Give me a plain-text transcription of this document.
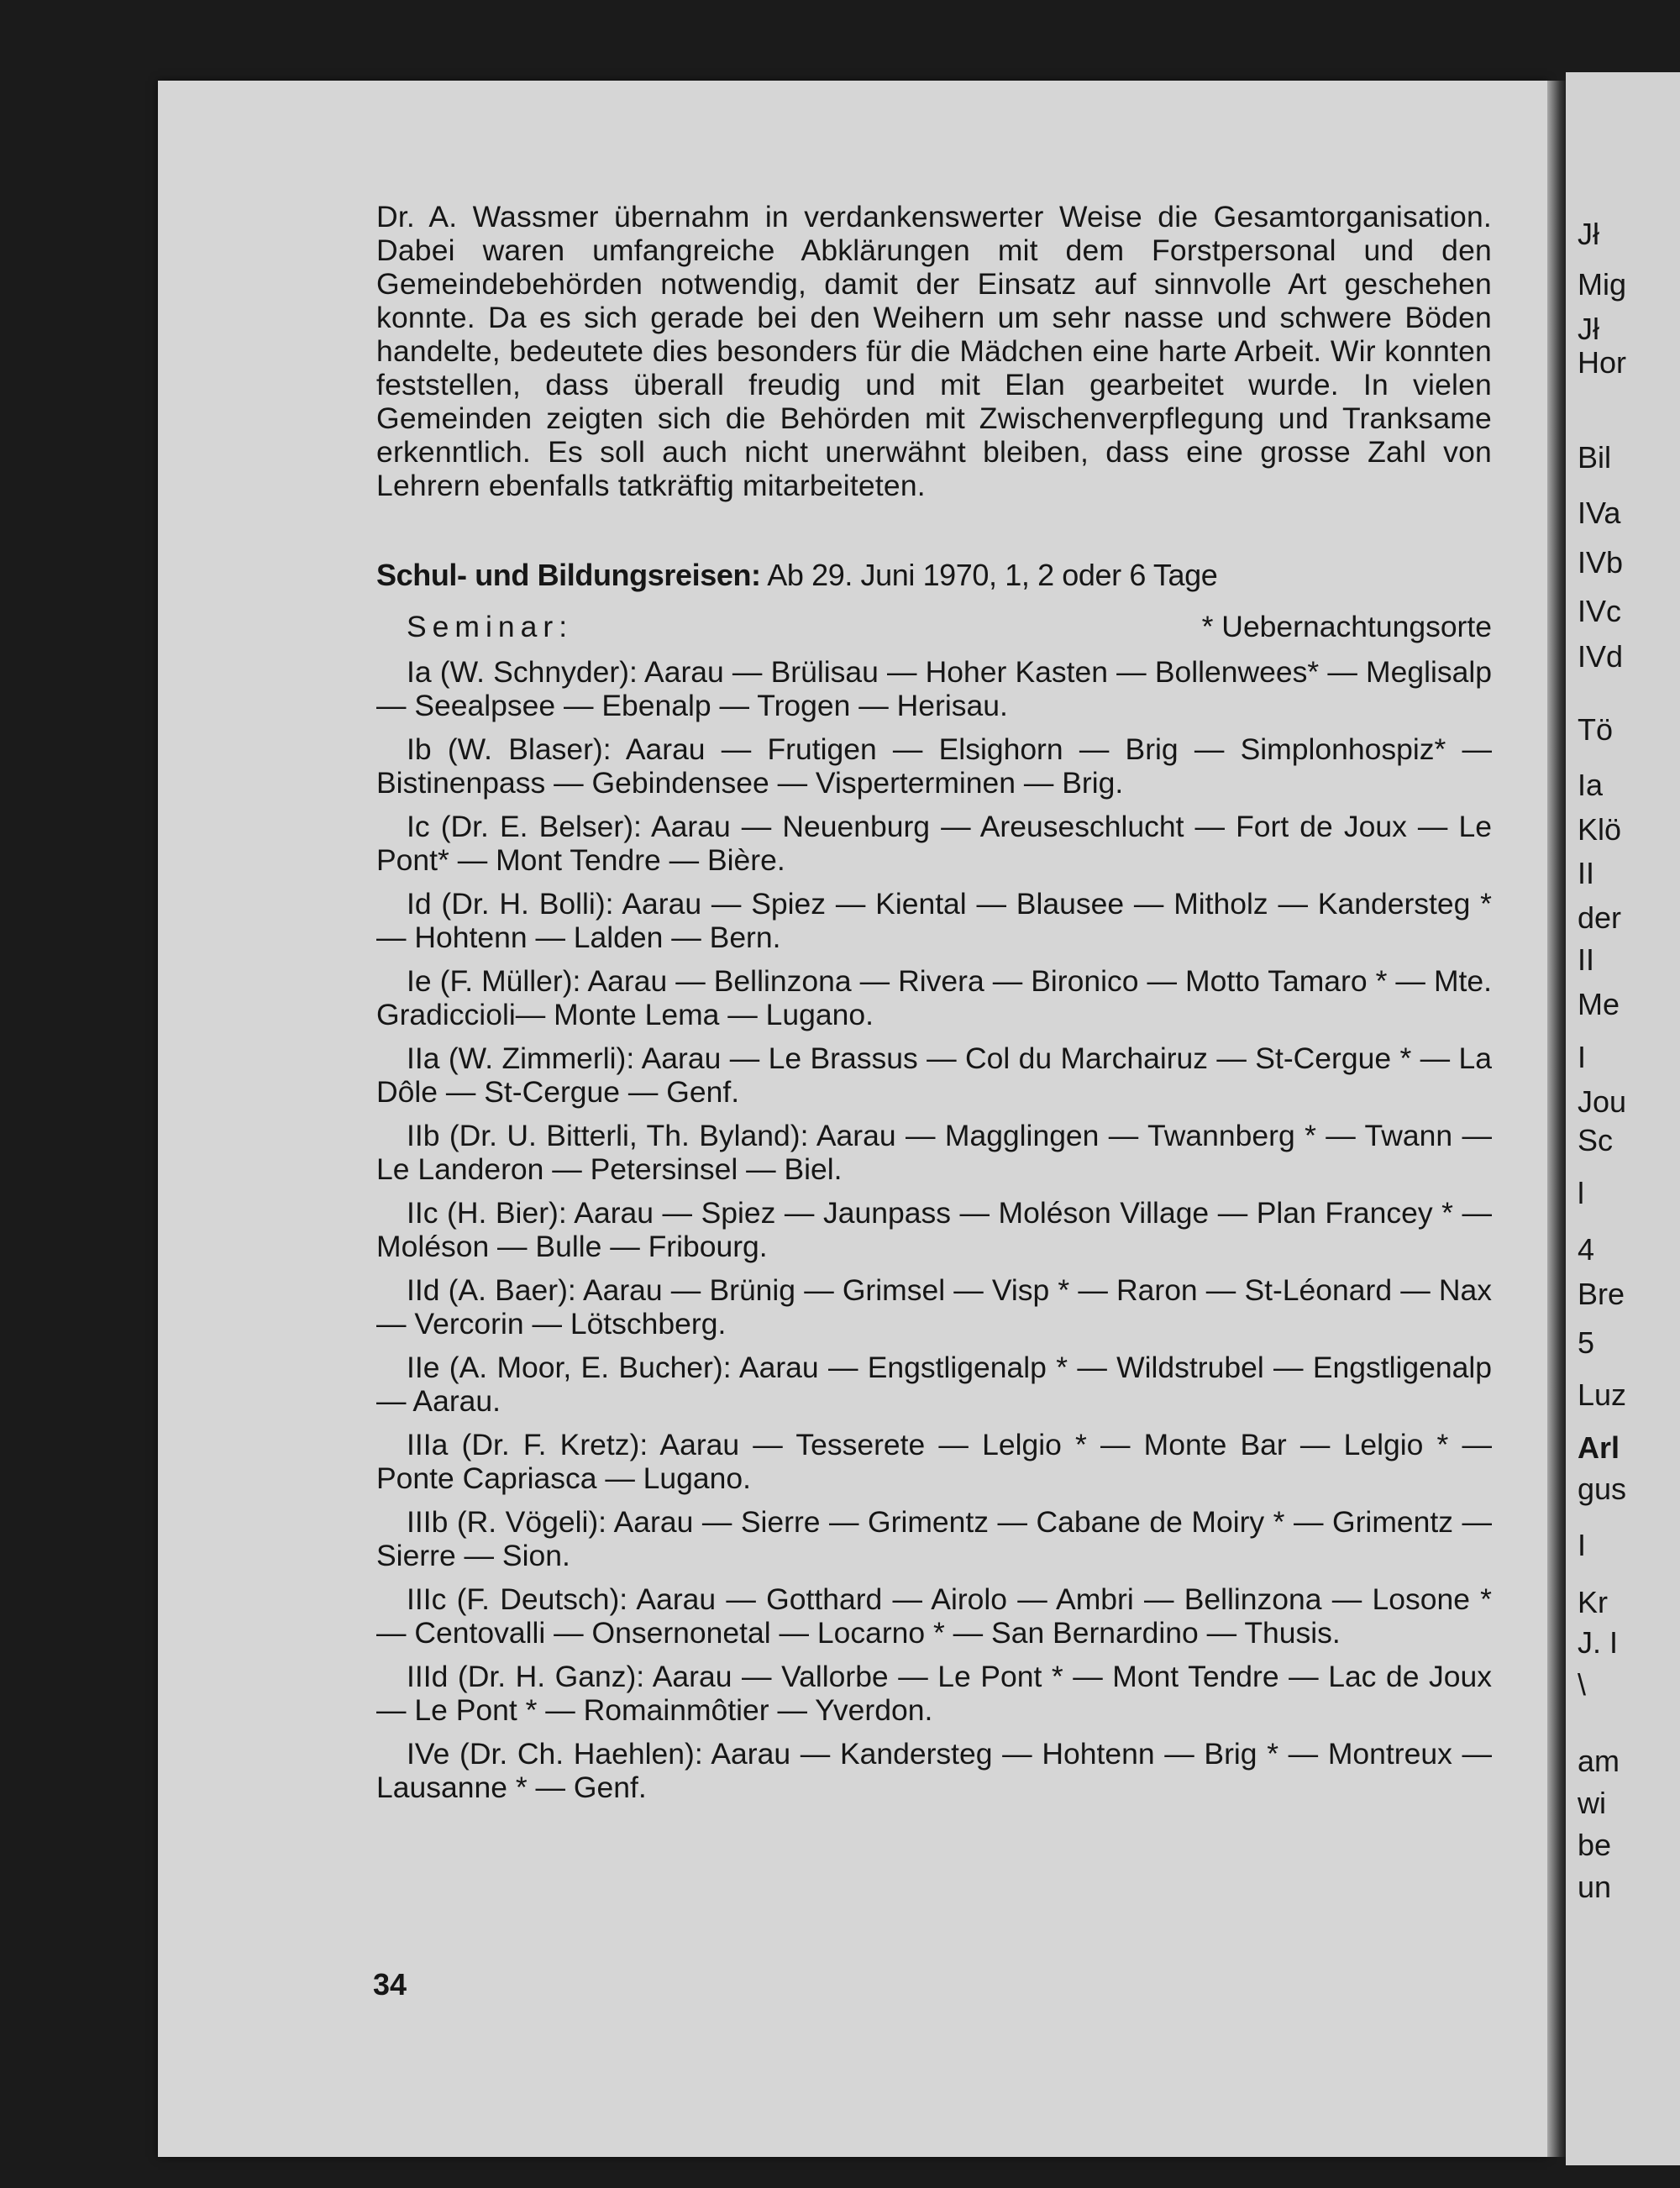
Jł
Mig
Jł
Hor
Bil
IVa
IVb
IVc
IVd
Tö
Ia
Klö
II
der
II
Me
I
Jou
Sc
l
4
Bre
5
Luz
Arl
gus
I
Kr
J. I
\
am
wi
be
un

Dr. A. Wassmer übernahm in verdankenswerter Weise die Gesamtorganisation. Dabei waren umfangreiche Abklärungen mit dem Forstpersonal und den Gemeindebehörden notwendig, damit der Einsatz auf sinnvolle Art geschehen konnte. Da es sich gerade bei den Weihern um sehr nasse und schwere Böden handelte, bedeutete dies besonders für die Mädchen eine harte Arbeit. Wir konnten feststellen, dass überall freudig und mit Elan gearbeitet wurde. In vielen Gemeinden zeigten sich die Behörden mit Zwischenverpflegung und Tranksame erkenntlich. Es soll auch nicht unerwähnt bleiben, dass eine grosse Zahl von Lehrern ebenfalls tatkräftig mitarbeiteten.

Schul- und Bildungsreisen: Ab 29. Juni 1970, 1, 2 oder 6 Tage

Seminar:	* Uebernachtungsorte

Ia (W. Schnyder): Aarau — Brülisau — Hoher Kasten — Bollenwees* — Meglisalp — Seealpsee — Ebenalp — Trogen — Herisau.

Ib (W. Blaser): Aarau — Frutigen — Elsighorn — Brig — Simplonhospiz* — Bistinenpass — Gebindensee — Visperterminen — Brig.

Ic (Dr. E. Belser): Aarau — Neuenburg — Areuseschlucht — Fort de Joux — Le Pont* — Mont Tendre — Bière.

Id (Dr. H. Bolli): Aarau — Spiez — Kiental — Blausee — Mitholz — Kandersteg * — Hohtenn — Lalden — Bern.

Ie (F. Müller): Aarau — Bellinzona — Rivera — Bironico — Motto Tamaro * — Mte. Gradiccioli— Monte Lema — Lugano.

IIa (W. Zimmerli): Aarau — Le Brassus — Col du Marchairuz — St-Cergue * — La Dôle — St-Cergue — Genf.

IIb (Dr. U. Bitterli, Th. Byland): Aarau — Magglingen — Twannberg * — Twann — Le Landeron — Petersinsel — Biel.

IIc (H. Bier): Aarau — Spiez — Jaunpass — Moléson Village — Plan Francey * — Moléson — Bulle — Fribourg.

IId (A. Baer): Aarau — Brünig — Grimsel — Visp * — Raron — St-Léonard — Nax — Vercorin — Lötschberg.

IIe (A. Moor, E. Bucher): Aarau — Engstligenalp * — Wildstrubel — Engstligenalp — Aarau.

IIIa (Dr. F. Kretz): Aarau — Tesserete — Lelgio * — Monte Bar — Lelgio * — Ponte Capriasca — Lugano.

IIIb (R. Vögeli): Aarau — Sierre — Grimentz — Cabane de Moiry * — Grimentz — Sierre — Sion.

IIIc (F. Deutsch): Aarau — Gotthard — Airolo — Ambri — Bellinzona — Losone * — Centovalli — Onsernonetal — Locarno * — San Bernardino — Thusis.

IIId (Dr. H. Ganz): Aarau — Vallorbe — Le Pont * — Mont Tendre — Lac de Joux — Le Pont * — Romainmôtier — Yverdon.

IVe (Dr. Ch. Haehlen): Aarau — Kandersteg — Hohtenn — Brig * — Montreux — Lausanne * — Genf.

34
